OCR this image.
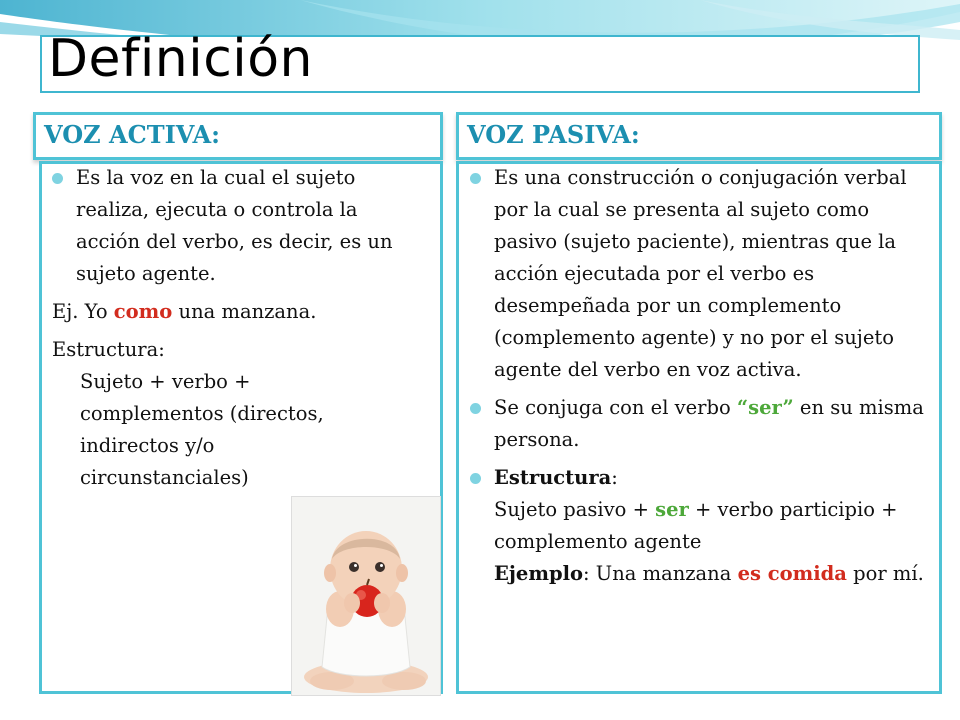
Definición
VOZ ACTIVA:	VOZ PASIVA:
Es la voz en la cual el sujeto realiza, ejecuta o controla la acción del verbo, es decir, es un sujeto agente.
Ej. Yo como una manzana.
Estructura:
Sujeto + verbo + complementos (directos, indirectos y/o circunstanciales)
Es una construcción o conjugación verbal por la cual se presenta al sujeto como pasivo (sujeto paciente), mientras que la acción ejecutada por el verbo es desempeñada por un complemento (complemento agente) y no por el sujeto agente del verbo en voz activa.
Se conjuga con el verbo “ser” en su misma persona.
Estructura:
Sujeto pasivo + ser + verbo participio + complemento agente
Ejemplo: Una manzana es comida por mí.
